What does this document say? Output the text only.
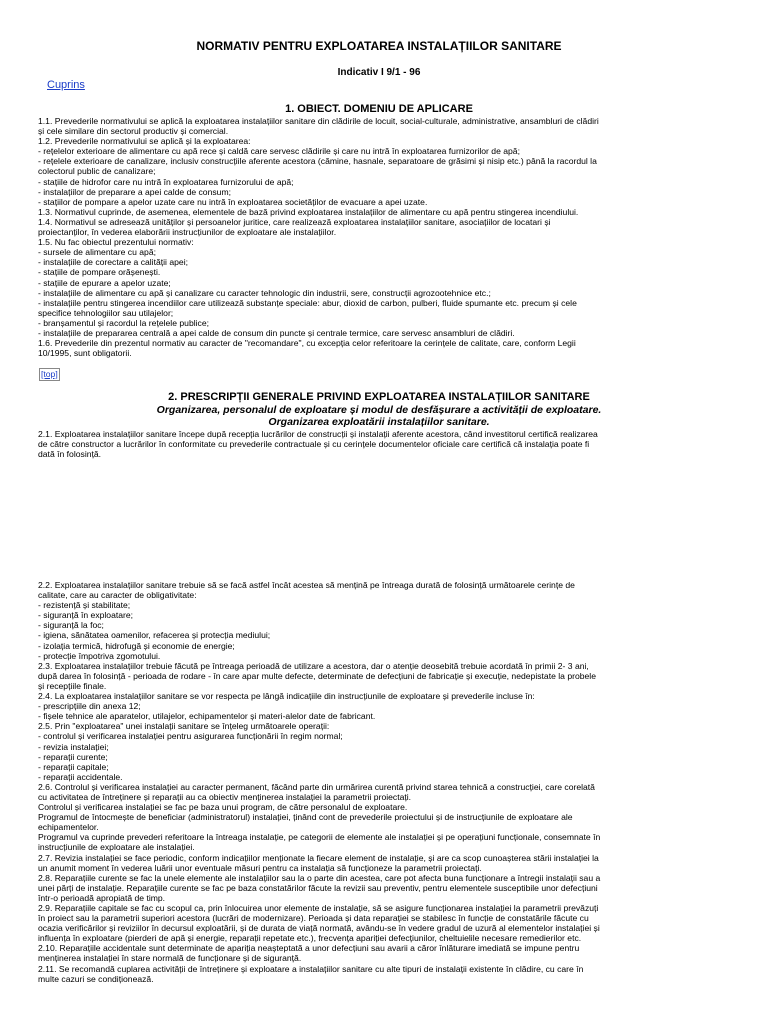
NORMATIV PENTRU EXPLOATAREA INSTALAȚIILOR SANITARE
Indicativ I 9/1 - 96
Cuprins
1. OBIECT. DOMENIU DE APLICARE
1.1. Prevederile normativului se aplică la exploatarea instalațiilor sanitare din clădirile de locuit, social-culturale, administrative, ansambluri de clădiri
și cele similare din sectorul productiv și comercial.
1.2. Prevederile normativului se aplică și la exploatarea:
- rețelelor exterioare de alimentare cu apă rece și caldă care servesc clădirile și care nu intră în exploatarea furnizorilor de apă;
- rețelele exterioare de canalizare, inclusiv construcțiile aferente acestora (cămine, hasnale, separatoare de grăsimi și nisip etc.) până la racordul la
colectorul public de canalizare;
- stațiile de hidrofor care nu intră în exploatarea furnizorului de apă;
- instalațiilor de preparare a apei calde de consum;
- stațiilor de pompare a apelor uzate care nu intră în exploatarea societăților de evacuare a apei uzate.
1.3. Normativul cuprinde, de asemenea, elementele de bază privind exploatarea instalațiilor de alimentare cu apă pentru stingerea incendiului.
1.4. Normativul se adresează unităților și persoanelor juritice, care realizează exploatarea instalațiilor sanitare, asociațiilor de locatari și
proiectanților, în vederea elaborării instrucțiunilor de exploatare ale instalațiilor.
1.5. Nu fac obiectul prezentului normativ:
- sursele de alimentare cu apă;
- instalațiile de corectare a calității apei;
- stațiile de pompare orășenești.
- stațiile de epurare a apelor uzate;
- instalațiile de alimentare cu apă și canalizare cu caracter tehnologic din industrii, sere, construcții agrozootehnice etc.;
- instalațiile pentru stingerea incendiilor care utilizează substanțe speciale: abur, dioxid de carbon, pulberi, fluide spumante etc. precum și cele
specifice tehnologiilor sau utilajelor;
- branșamentul și racordul la rețelele publice;
- instalațiile de prepararea centrală a apei calde de consum din puncte și centrale termice, care servesc ansambluri de clădiri.
1.6. Prevederile din prezentul normativ au caracter de "recomandare", cu excepția celor referitoare la cerințele de calitate, care, conform Legii
10/1995, sunt obligatorii.
[top]
2. PRESCRIPȚII GENERALE PRIVIND EXPLOATAREA INSTALAȚIILOR SANITARE
Organizarea, personalul de exploatare și modul de desfășurare a activității de exploatare.
Organizarea exploatării instalațiilor sanitare.
2.1. Exploatarea instalațiilor sanitare începe după recepția lucrărilor de construcții și instalații aferente acestora, când investitorul certifică realizarea
de către constructor a lucrărilor în conformitate cu prevederile contractuale și cu cerințele documentelor oficiale care certifică că instalația poate fi
dată în folosință.
2.2. Exploatarea instalațiilor sanitare trebuie să se facă astfel încât acestea să mențină pe întreaga durată de folosință următoarele cerințe de
calitate, care au caracter de obligativitate:
- rezistență și stabilitate;
- siguranță în exploatare;
- siguranță la foc;
- igiena, sănătatea oamenilor, refacerea și protecția mediului;
- izolația termică, hidrofugă și economie de energie;
- protecție împotriva zgomotului.
2.3. Exploatarea instalațiilor trebuie făcută pe întreaga perioadă de utilizare a acestora, dar o atenție deosebită trebuie acordată în primii 2- 3 ani,
după darea în folosință - perioada de rodare - în care apar multe defecte, determinate de defecțiuni de fabricație și execuție, nedepistate la probele
și recepțiile finale.
2.4. La exploatarea instalațiilor sanitare se vor respecta pe lângă indicațiile din instrucțiunile de exploatare și prevederile incluse în:
- prescripțiile din anexa 12;
- fișele tehnice ale aparatelor, utilajelor, echipamentelor și materi-alelor date de fabricant.
2.5. Prin "exploatarea" unei instalații sanitare se înțeleg următoarele operații:
- controlul și verificarea instalației pentru asigurarea funcționării în regim normal;
- revizia instalației;
- reparații curente;
- reparații capitale;
- reparații accidentale.
2.6. Controlul și verificarea instalației au caracter permanent, făcând parte din urmărirea curentă privind starea tehnică a construcției, care corelată
cu activitatea de întreținere și reparații au ca obiectiv menținerea instalației la parametrii proiectați.
Controlul și verificarea instalației se fac pe baza unui program, de către personalul de exploatare.
Programul de întocmește de beneficiar (administratorul) instalației, ținând cont de prevederile proiectului și de instrucțiunile de exploatare ale
echipamentelor.
Programul va cuprinde prevederi referitoare la întreaga instalație, pe categorii de elemente ale instalației și pe operațiuni funcționale, consemnate în
instrucțiunile de exploatare ale instalației.
2.7. Revizia instalației se face periodic, conform indicațiilor menționate la fiecare element de instalație, și are ca scop cunoașterea stării instalației la
un anumit moment în vederea luării unor eventuale măsuri pentru ca instalația să funcționeze la parametrii proiectați.
2.8. Reparațiile curente se fac la unele elemente ale instalațiilor sau la o parte din acestea, care pot afecta buna funcționare a întregii instalații sau a
unei părți de instalație. Reparațiile curente se fac pe baza constatărilor făcute la revizii sau preventiv, pentru elementele susceptibile unor defecțiuni
într-o perioadă apropiată de timp.
2.9. Reparațiile capitale se fac cu scopul ca, prin înlocuirea unor elemente de instalație, să se asigure funcționarea instalației la parametrii prevăzuți
în proiect sau la parametrii superiori acestora (lucrări de modernizare). Perioada și data reparației se stabilesc în funcție de constatările făcute cu
ocazia verificărilor și reviziilor în decursul exploatării, și de durata de viață normată, avându-se în vedere gradul de uzură al elementelor instalației și
influența în exploatare (pierderi de apă și energie, reparații repetate etc.), frecvența apariției defecțiunilor, cheltuielile necesare remedierilor etc.
2.10. Reparațiile accidentale sunt determinate de apariția neașteptată a unor defecțiuni sau avarii a căror înlăturare imediată se impune pentru
menținerea instalației în stare normală de funcționare și de siguranță.
2.11. Se recomandă cuplarea activității de întreținere și exploatare a instalațiilor sanitare cu alte tipuri de instalații existente în clădire, cu care în
multe cazuri se condiționează.
